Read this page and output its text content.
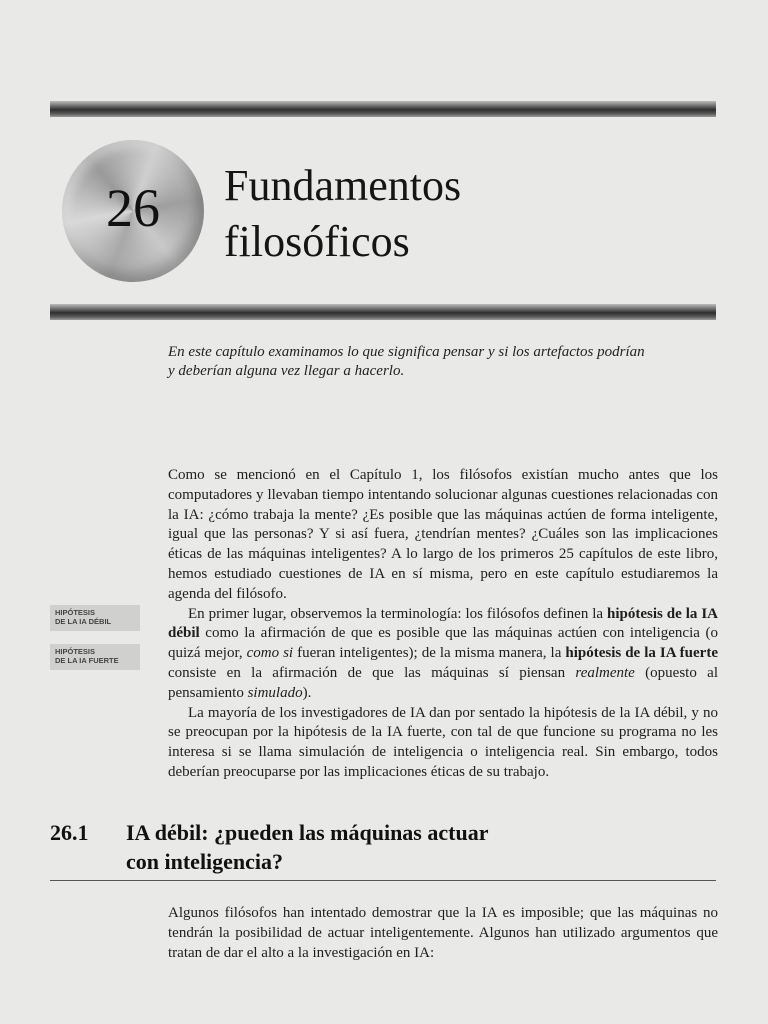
26	Fundamentos
filosóficos
En este capítulo examinamos lo que significa pensar y si los artefactos podrían
y deberían alguna vez llegar a hacerlo.

Como se mencionó en el Capítulo 1, los filósofos existían mucho antes que los computadores y llevaban tiempo intentando solucionar algunas cuestiones relacionadas con la IA: ¿cómo trabaja la mente? ¿Es posible que las máquinas actúen de forma inteligente, igual que las personas? Y si así fuera, ¿tendrían mentes? ¿Cuáles son las implicaciones éticas de las máquinas inteligentes? A lo largo de los primeros 25 capítulos de este libro, hemos estudiado cuestiones de IA en sí misma, pero en este capítulo estudiaremos la agenda del filósofo.

En primer lugar, observemos la terminología: los filósofos definen la hipótesis de la IA débil como la afirmación de que es posible que las máquinas actúen con inteligencia (o quizá mejor, como si fueran inteligentes); de la misma manera, la hipótesis de la IA fuerte consiste en la afirmación de que las máquinas sí piensan realmente (opuesto al pensamiento simulado).

La mayoría de los investigadores de IA dan por sentado la hipótesis de la IA débil, y no se preocupan por la hipótesis de la IA fuerte, con tal de que funcione su programa no les interesa si se llama simulación de inteligencia o inteligencia real. Sin embargo, todos deberían preocuparse por las implicaciones éticas de su trabajo.

HIPÓTESIS
DE LA IA DÉBIL
HIPÓTESIS
DE LA IA FUERTE
26.1 IA débil: ¿pueden las máquinas actuar
con inteligencia?

Algunos filósofos han intentado demostrar que la IA es imposible; que las máquinas no tendrán la posibilidad de actuar inteligentemente. Algunos han utilizado argumentos que tratan de dar el alto a la investigación en IA:
